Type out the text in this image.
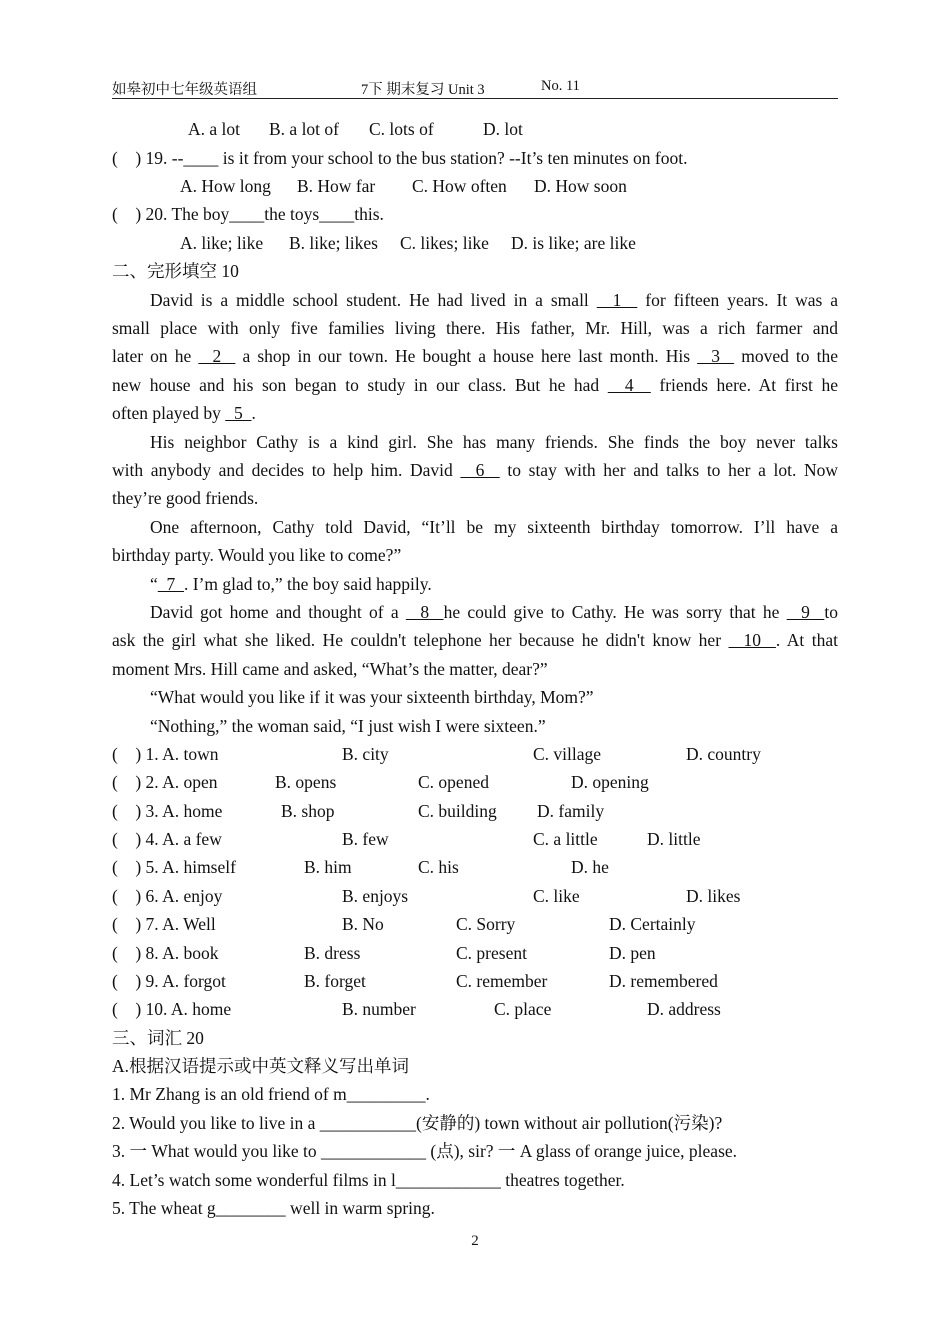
如皋初中七年级英语组	7下 期末复习 Unit 3	No. 11
A. a lot B. a lot of C. lots of	D. lot
(    ) 19. --____ is it from your school to the bus station? --It’s ten minutes on foot.
A. How long B. How far C. How often D. How soon
(    ) 20. The boy____the toys____this.
A. like; like B. like; likes C. likes; like D. is like; are like
二、完形填空 10
David is a middle school student. He had lived in a small   1   for fifteen years. It was a
small place with only five families living there. His father, Mr. Hill, was a rich farmer and
later on he   2   a shop in our town. He bought a house here last month. His   3   moved to the
new house and his son began to study in our class. But he had   4   friends here. At first he
often played by   5  .
His neighbor Cathy is a kind girl. She has many friends. She finds the boy never talks
with anybody and decides to help him. David   6   to stay with her and talks to her a lot. Now
they’re good friends.
One afternoon, Cathy told David, “It’ll be my sixteenth birthday tomorrow. I’ll have a
birthday party. Would you like to come?”
“  7  . I’m glad to,” the boy said happily.
David got home and thought of a   8  he could give to Cathy. He was sorry that he   9  to
ask the girl what she liked. He couldn't telephone her because he didn't know her   10  . At that
moment Mrs. Hill came and asked, “What’s the matter, dear?”
“What would you like if it was your sixteenth birthday, Mom?”
“Nothing,” the woman said, “I just wish I were sixteen.”
(    ) 1. A. town	B. city	C. village	D. country
(    ) 2. A. open	B. opens	C. opened	D. opening
(    ) 3. A. home	B. shop	C. building D. family
(    ) 4. A. a few	B. few	C. a little	D. little
(    ) 5. A. himself	B. him	C. his	D. he
(    ) 6. A. enjoy	B. enjoys	C. like	D. likes
(    ) 7. A. Well	B. No	C. Sorry	D. Certainly
(    ) 8. A. book	B. dress	C. present	D. pen
(    ) 9. A. forgot	B. forget	C. remember	D. remembered
(    ) 10. A. home	B. number	C. place	D. address
三、词汇 20
A.根据汉语提示或中英文释义写出单词
1. Mr Zhang is an old friend of m_________.
2. Would you like to live in a ___________(安静的) town without air pollution(污染)?
3. 一 What would you like to ____________ (点), sir? 一 A glass of orange juice, please.
4. Let’s watch some wonderful films in l____________ theatres together.
5. The wheat g________ well in warm spring.
2
